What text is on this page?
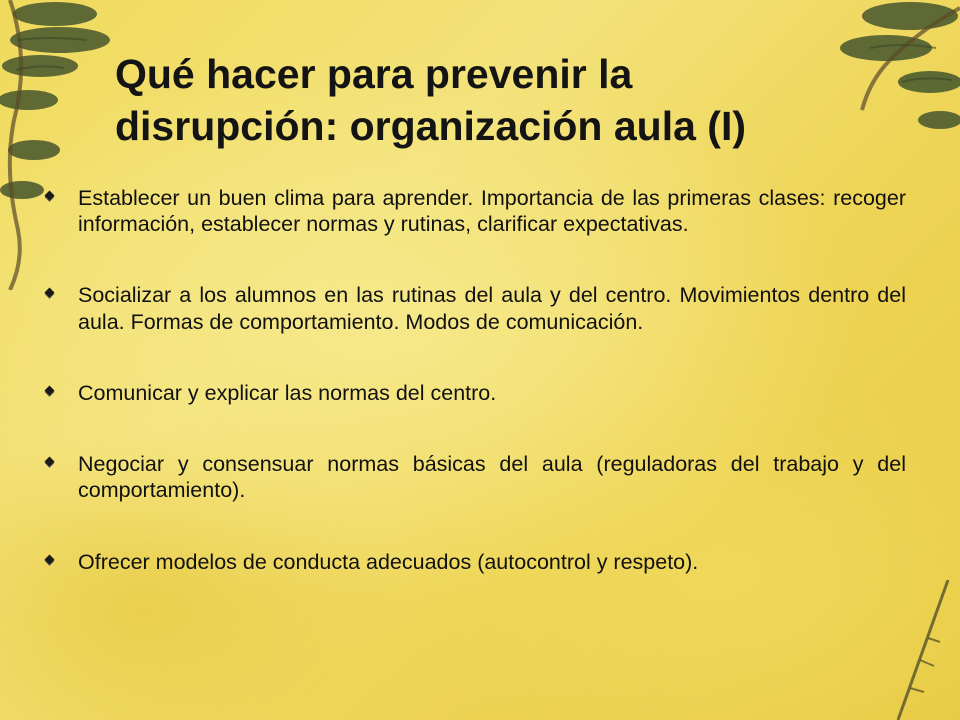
Qué hacer para prevenir la
disrupción: organización aula (I)
Establecer un buen clima para aprender. Importancia de las primeras clases: recoger información, establecer normas y rutinas, clarificar expectativas.
Socializar a los alumnos en las rutinas del aula y del centro. Movimientos dentro del aula. Formas de comportamiento. Modos de comunicación.
Comunicar y explicar las normas del centro.
Negociar y consensuar normas básicas del aula (reguladoras del trabajo y del comportamiento).
Ofrecer modelos de conducta adecuados (autocontrol y respeto).
